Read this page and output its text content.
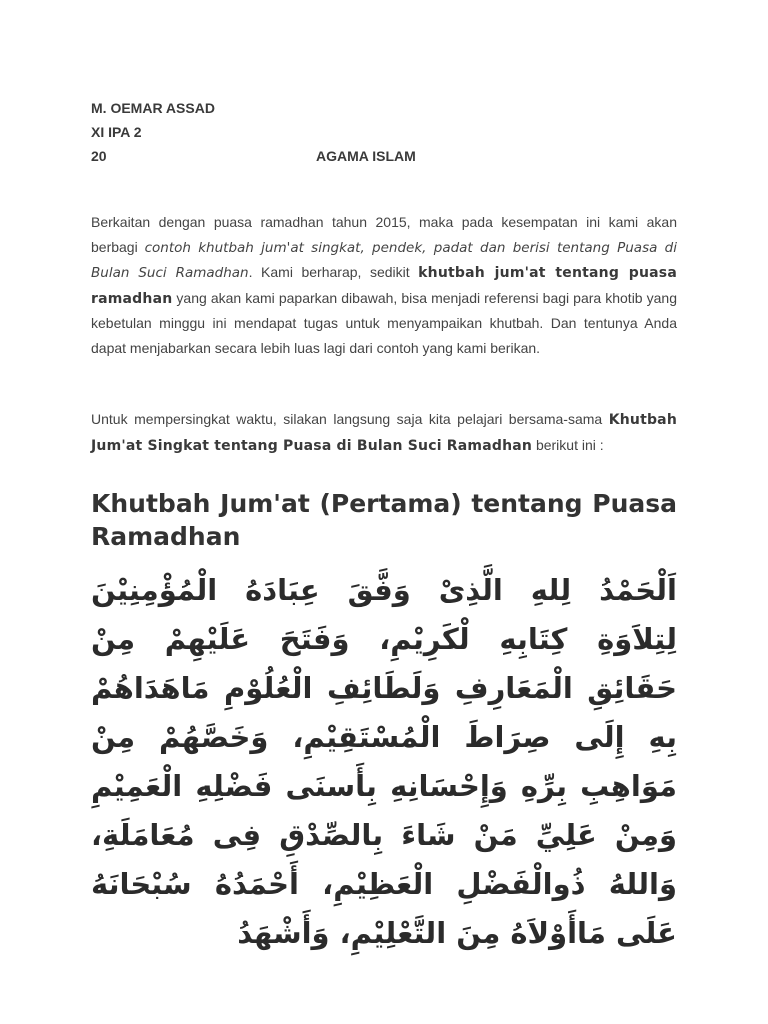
M. OEMAR ASSAD
XI IPA 2
20	AGAMA ISLAM

Berkaitan dengan puasa ramadhan tahun 2015, maka pada kesempatan ini kami akan berbagi contoh khutbah jum'at singkat, pendek, padat dan berisi tentang Puasa di Bulan Suci Ramadhan. Kami berharap, sedikit khutbah jum'at tentang puasa ramadhan yang akan kami paparkan dibawah, bisa menjadi referensi bagi para khotib yang kebetulan minggu ini mendapat tugas untuk menyampaikan khutbah. Dan tentunya Anda dapat menjabarkan secara lebih luas lagi dari contoh yang kami berikan.

Untuk mempersingkat waktu, silakan langsung saja kita pelajari bersama-sama Khutbah Jum'at Singkat tentang Puasa di Bulan Suci Ramadhan berikut ini :

Khutbah Jum'at (Pertama) tentang Puasa Ramadhan
اَلْحَمْدُ لِلهِ الَّذِىْ وَفَّقَ عِبَادَهُ الْمُؤْمِنِيْنَ لِتِلاَوَةِ كِتَابِهِ لْكَرِيْمِ، وَفَتَحَ عَلَيْهِمْ مِنْ حَقَائِقِ الْمَعَارِفِ وَلَطَائِفِ الْعُلُوْمِ مَاهَدَاهُمْ بِهِ إِلَى صِرَاطَ الْمُسْتَقِيْمِ، وَخَصَّهُمْ مِنْ مَوَاهِبِ بِرِّهِ وَإِحْسَانِهِ بِأَسنَى فَضْلِهِ الْعَمِيْمِ وَمِنْ عَلِيِّ مَنْ شَاءَ بِالصِّدْقِ فِى مُعَامَلَةِ، وَاللهُ ذُوالْفَضْلِ الْعَظِيْمِ، أَحْمَدُهُ سُبْحَانَهُ عَلَى مَاأَوْلاَهُ مِنَ التَّعْلِيْمِ، وَأَشْهَدُ
